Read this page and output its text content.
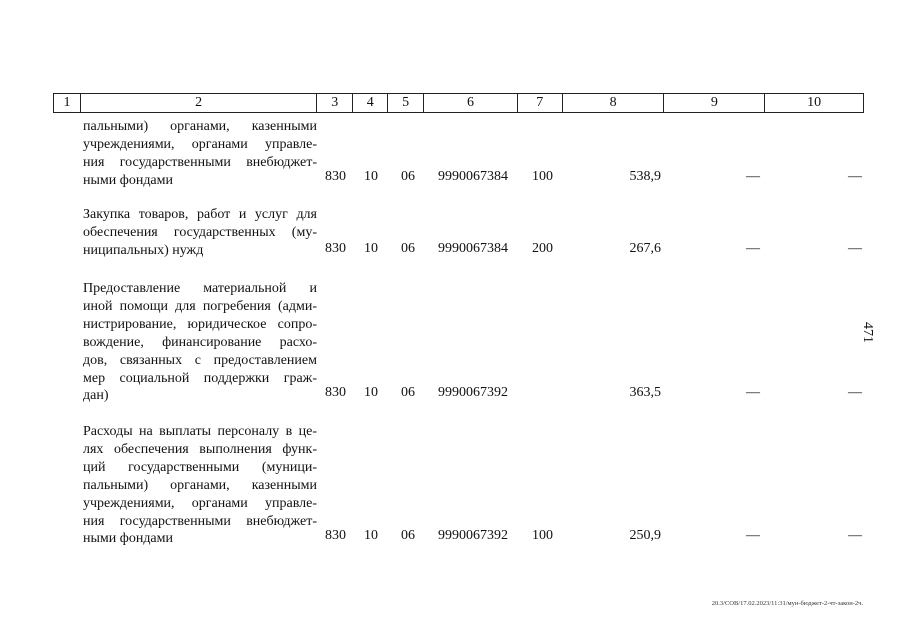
1	2	3	4	5	6	7	8	9	10
пальными) органами, казенными
учреждениями, органами управле-
ния государственными внебюджет-
ными фондами	830 10 06 9990067384 100	538,9	—	—
Закупка товаров, работ и услуг для
обеспечения государственных (му-
ниципальных) нужд	830 10 06 9990067384 200	267,6	—	—
Предоставление материальной и
иной помощи для погребения (адми-
нистрирование, юридическое сопро-
вождение, финансирование расхо-
дов, связанных с предоставлением
мер социальной поддержки граж-
дан)	830 10 06 9990067392	363,5	—	—
Расходы на выплаты персоналу в це-
лях обеспечения выполнения функ-
ций государственными (муници-
пальными) органами, казенными
учреждениями, органами управле-
ния государственными внебюджет-
ными фондами	830 10 06 9990067392 100	250,9	—	—
471
20.3/СОВ/17.02.2023/11:31/мун-бюджет-2-чт-закон-2ч.
